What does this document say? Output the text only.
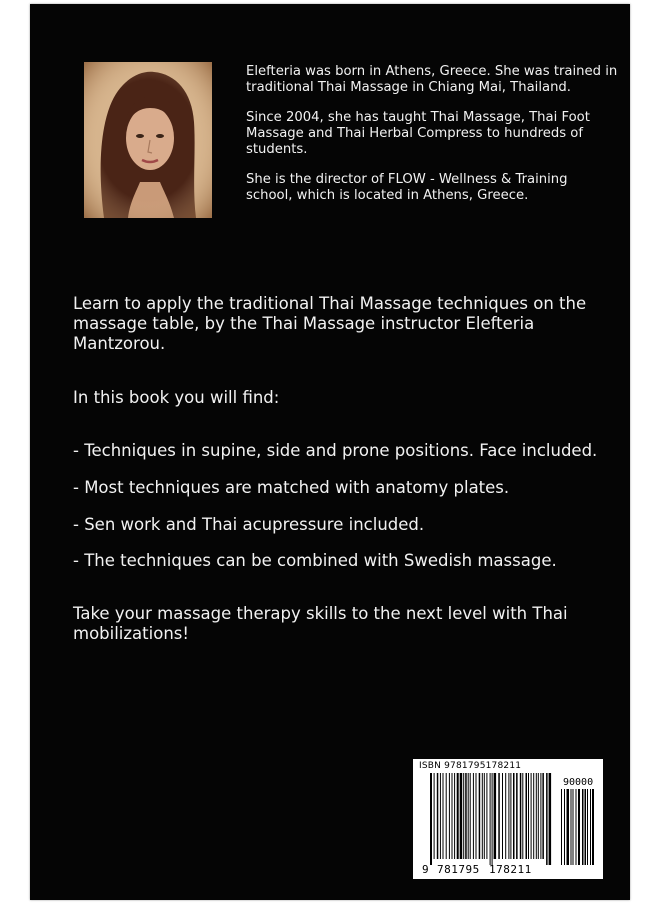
Elefteria was born in Athens, Greece. She was trained in traditional Thai Massage in Chiang Mai, Thailand.

Since 2004, she has taught Thai Massage, Thai Foot Massage and Thai Herbal Compress to hundreds of students.

She is the director of FLOW - Wellness & Training school, which is located in Athens, Greece.

Learn to apply the traditional Thai Massage techniques on the massage table, by the Thai Massage instructor Elefteria Mantzorou.

In this book you will find:

- Techniques in supine, side and prone positions. Face included.

- Most techniques are matched with anatomy plates.

- Sen work and Thai acupressure included.

- The techniques can be combined with Swedish massage.

Take your massage therapy skills to the next level with Thai mobilizations!

ISBN 9781795178211
90000
9 781795 178211
